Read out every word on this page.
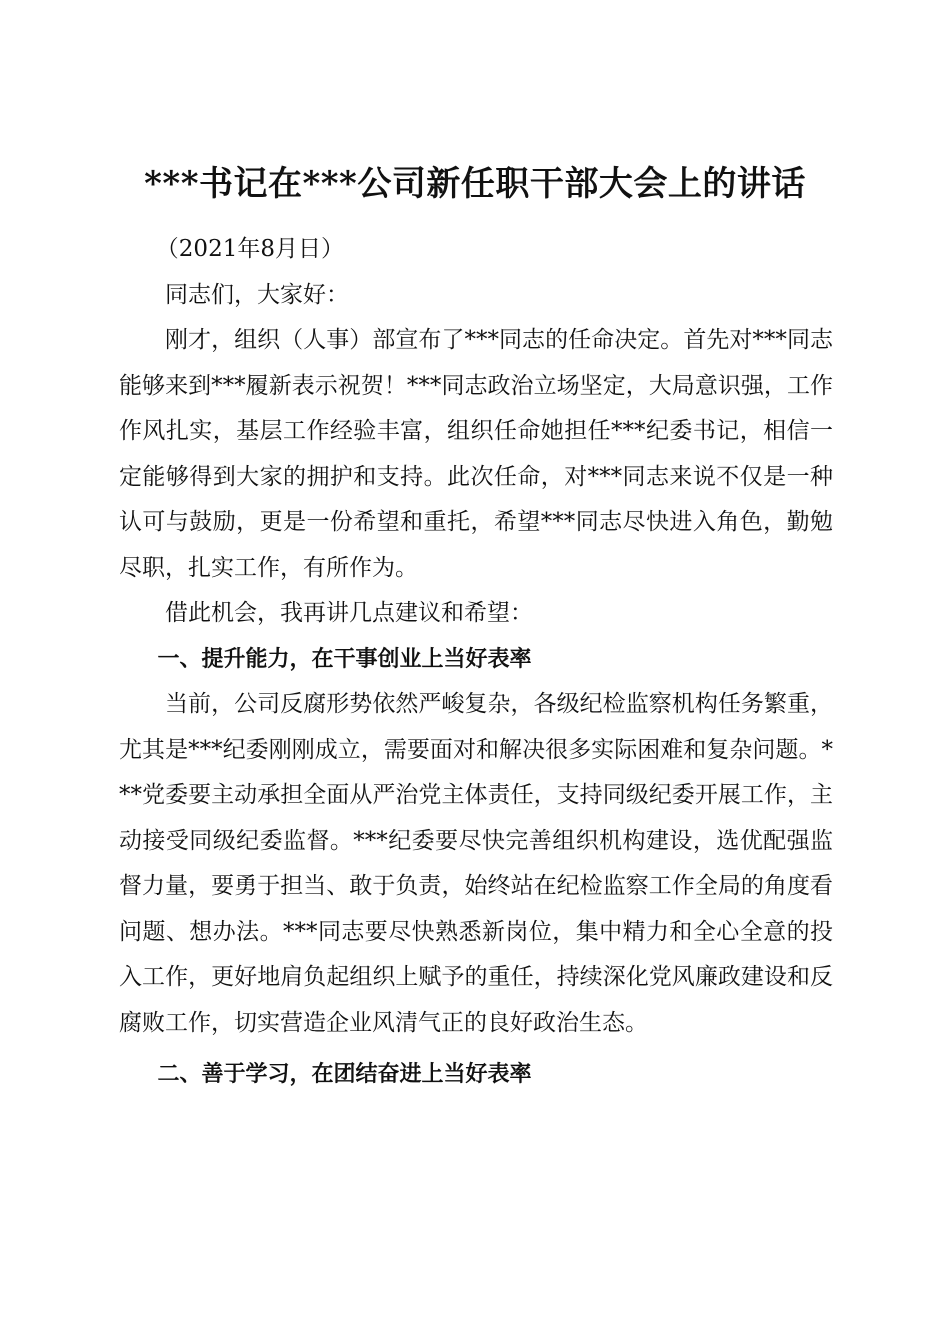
***书记在***公司新任职干部大会上的讲话

（2021年8月日）

同志们，大家好：

刚才，组织（人事）部宣布了***同志的任命决定。首先对***同志能够来到***履新表示祝贺！***同志政治立场坚定，大局意识强，工作作风扎实，基层工作经验丰富，组织任命她担任***纪委书记，相信一定能够得到大家的拥护和支持。此次任命，对***同志来说不仅是一种认可与鼓励，更是一份希望和重托，希望***同志尽快进入角色，勤勉尽职，扎实工作，有所作为。

借此机会，我再讲几点建议和希望：

一、提升能力，在干事创业上当好表率

当前，公司反腐形势依然严峻复杂，各级纪检监察机构任务繁重，尤其是***纪委刚刚成立，需要面对和解决很多实际困难和复杂问题。***党委要主动承担全面从严治党主体责任，支持同级纪委开展工作，主动接受同级纪委监督。***纪委要尽快完善组织机构建设，选优配强监督力量，要勇于担当、敢于负责，始终站在纪检监察工作全局的角度看问题、想办法。***同志要尽快熟悉新岗位，集中精力和全心全意的投入工作，更好地肩负起组织上赋予的重任，持续深化党风廉政建设和反腐败工作，切实营造企业风清气正的良好政治生态。

二、善于学习，在团结奋进上当好表率
